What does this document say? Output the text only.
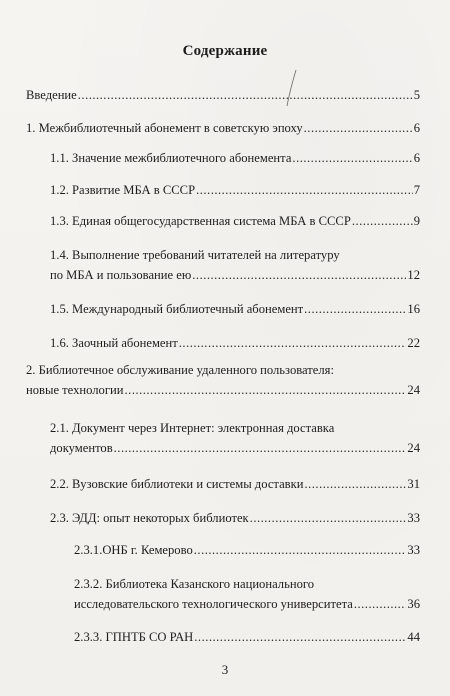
Содержание
Введение .....	5
1. Межбиблиотечный абонемент в советскую эпоху .....	6
1.1. Значение межбиблиотечного абонемента .....	6
1.2. Развитие МБА в СССР .....	7
1.3. Единая общегосударственная система МБА в СССР .....	9
1.4. Выполнение требований читателей на литературу
по МБА и пользование ею .....	12
1.5. Международный библиотечный абонемент .....	16
1.6. Заочный абонемент .....	22
2. Библиотечное обслуживание удаленного пользователя:
новые технологии .....	24
2.1. Документ через Интернет: электронная доставка
документов .....	24
2.2. Вузовские библиотеки и системы доставки .....	31
2.3. ЭДД: опыт некоторых библиотек .....	33
2.3.1.ОНБ г. Кемерово .....	33
2.3.2. Библиотека Казанского национального
исследовательского технологического университета .....	36
2.3.3. ГПНТБ СО РАН .....	44
3
